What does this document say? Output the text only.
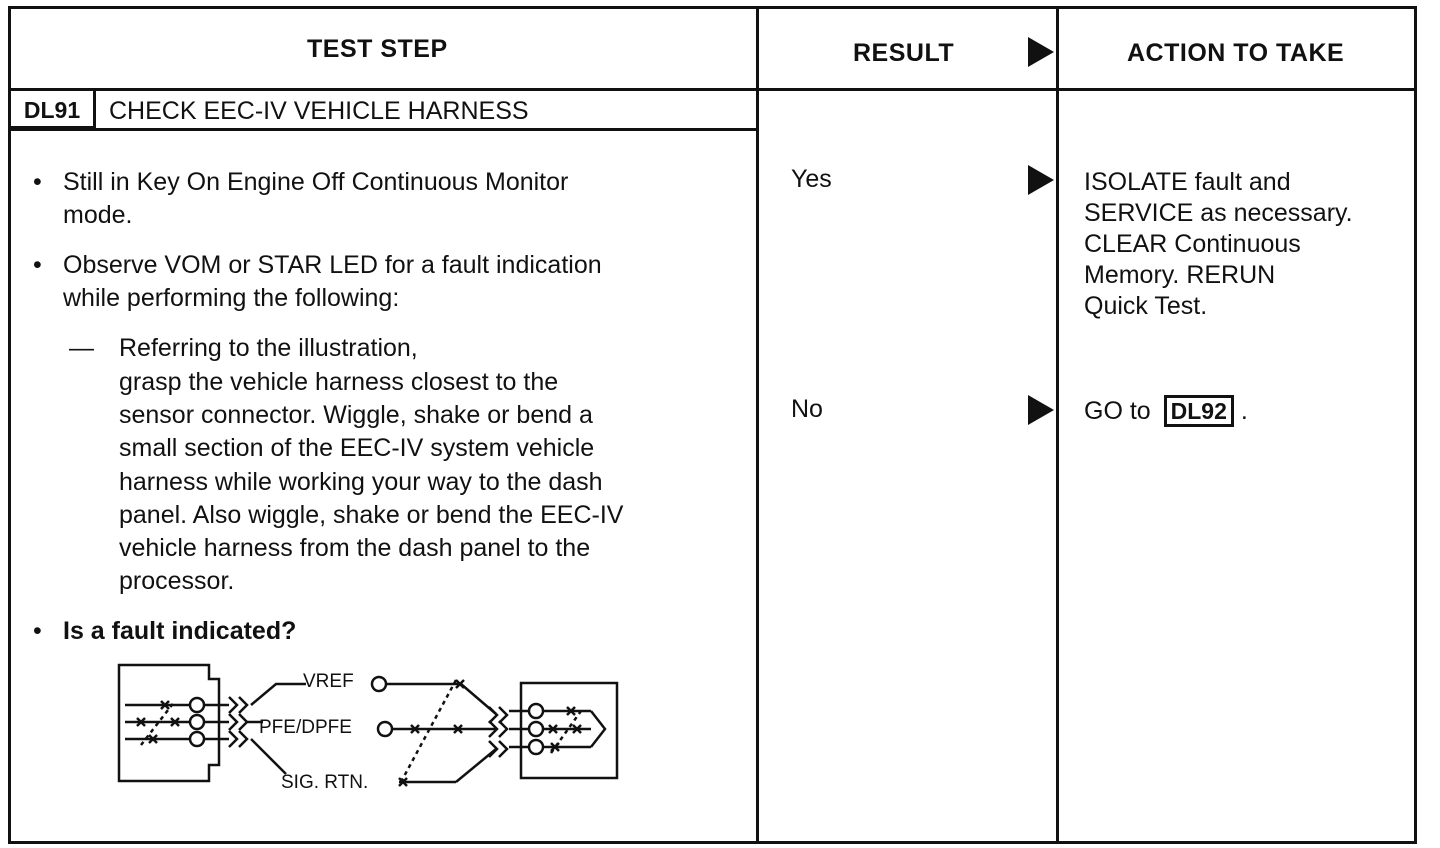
TEST STEP	RESULT	ACTION TO TAKE
DL91	CHECK EEC-IV VEHICLE HARNESS
• Still in Key On Engine Off Continuous Monitor
mode.
• Observe VOM or STAR LED for a fault indication
while performing the following:
— Referring to the illustration,
grasp the vehicle harness closest to the
sensor connector. Wiggle, shake or bend a
small section of the EEC-IV system vehicle
harness while working your way to the dash
panel. Also wiggle, shake or bend the EEC-IV
vehicle harness from the dash panel to the
processor.
• Is a fault indicated?
VREF
PFE/DPFE
SIG. RTN.
Yes	ISOLATE fault and
SERVICE as necessary.
CLEAR Continuous
Memory. RERUN
Quick Test.
No	GO to DL92 .
